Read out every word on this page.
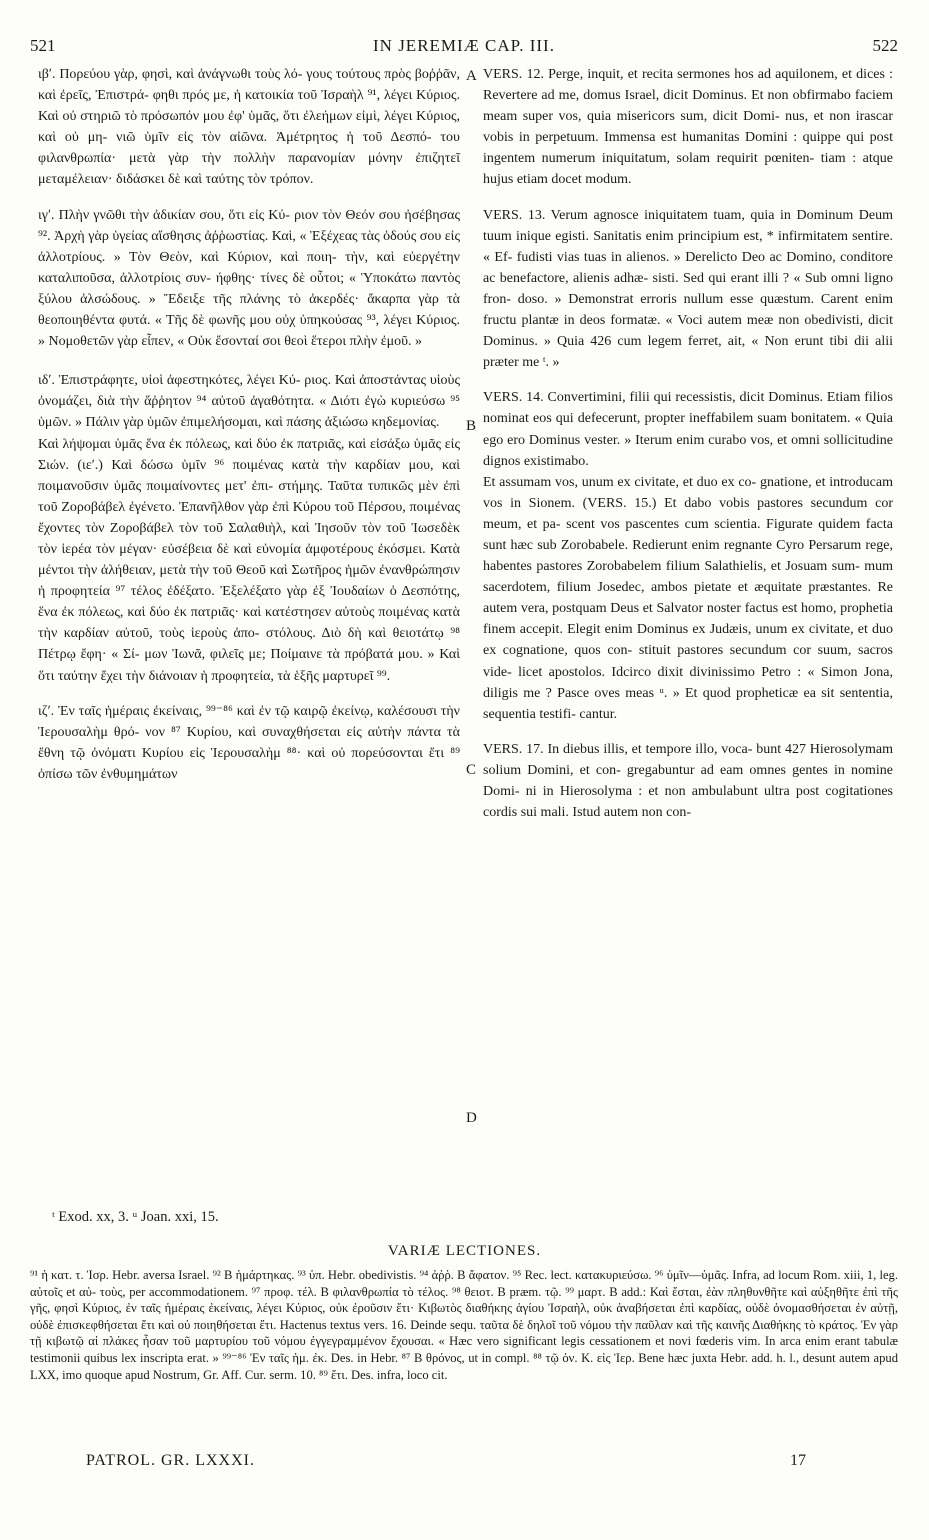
521	IN JEREMIÆ CAP. III.	522

ιβʹ. Πορεύου γὰρ, φησὶ, καὶ ἀνάγνωθι τοὺς λό- γους τούτους πρὸς βοῤῥᾶν, καὶ ἐρεῖς, Ἐπιστρά- φηθι πρός με, ἡ κατοικία τοῦ Ἰσραὴλ ⁹¹, λέγει Κύριος. Καὶ οὐ στηριῶ τὸ πρόσωπόν μου ἐφ' ὑμᾶς, ὅτι ἐλεήμων εἰμὶ, λέγει Κύριος, καὶ οὐ μη- νιῶ ὑμῖν εἰς τὸν αἰῶνα. Ἀμέτρητος ἡ τοῦ Δεσπό- του φιλανθρωπία· μετὰ γὰρ τὴν πολλὴν παρανομίαν μόνην ἐπιζητεῖ μεταμέλειαν· διδάσκει δὲ καὶ ταύτης τὸν τρόπον.

ιγʹ. Πλὴν γνῶθι τὴν ἀδικίαν σου, ὅτι εἰς Κύ- ριον τὸν Θεόν σου ἠσέβησας ⁹². Ἀρχὴ γὰρ ὑγείας αἴσθησις ἀῤῥωστίας. Καὶ, « Ἐξέχεας τὰς ὁδούς σου εἰς ἀλλοτρίους. » Τὸν Θεὸν, καὶ Κύριον, καὶ ποιη- τὴν, καὶ εὐεργέτην καταλιποῦσα, ἀλλοτρίοις συν- ήφθης· τίνες δὲ οὗτοι; « Ὑποκάτω παντὸς ξύλου ἀλσώδους. » Ἔδειξε τῆς πλάνης τὸ ἀκερδές· ἄκαρπα γὰρ τὰ θεοποιηθέντα φυτά. « Τῆς δὲ φωνῆς μου οὐχ ὑπηκούσας ⁹³, λέγει Κύριος. » Νομοθετῶν γὰρ εἶπεν, « Οὐκ ἔσονταί σοι θεοὶ ἕτεροι πλὴν ἐμοῦ. »

ιδʹ. Ἐπιστράφητε, υἱοὶ ἀφεστηκότες, λέγει Κύ- ριος. Καὶ ἀποστάντας υἱοὺς ὀνομάζει, διὰ τὴν ἄῤῥητον ⁹⁴ αὐτοῦ ἀγαθότητα. « Διότι ἐγὼ κυριεύσω ⁹⁵ ὑμῶν. » Πάλιν γὰρ ὑμῶν ἐπιμελήσομαι, καὶ πάσης ἀξιώσω κηδεμονίας.

Καὶ λήψομαι ὑμᾶς ἕνα ἐκ πόλεως, καὶ δύο ἐκ πατριᾶς, καὶ εἰσάξω ὑμᾶς εἰς Σιών. (ιεʹ.) Καὶ δώσω ὑμῖν ⁹⁶ ποιμένας κατὰ τὴν καρδίαν μου, καὶ ποιμανοῦσιν ὑμᾶς ποιμαίνοντες μετ' ἐπι- στήμης. Ταῦτα τυπικῶς μὲν ἐπὶ τοῦ Ζοροβάβελ ἐγένετο. Ἐπανῆλθον γὰρ ἐπὶ Κύρου τοῦ Πέρσου, ποιμένας ἔχοντες τὸν Ζοροβάβελ τὸν τοῦ Σαλαθιὴλ, καὶ Ἰησοῦν τὸν τοῦ Ἰωσεδὲκ τὸν ἱερέα τὸν μέγαν· εὐσέβεια δὲ καὶ εὐνομία ἀμφοτέρους ἐκόσμει. Κατὰ μέντοι τὴν ἀλήθειαν, μετὰ τὴν τοῦ Θεοῦ καὶ Σωτῆρος ἡμῶν ἐνανθρώπησιν ἡ προφητεία ⁹⁷ τέλος ἐδέξατο. Ἐξελέξατο γὰρ ἐξ Ἰουδαίων ὁ Δεσπότης, ἕνα ἐκ πόλεως, καὶ δύο ἐκ πατριᾶς· καὶ κατέστησεν αὐτοὺς ποιμένας κατὰ τὴν καρδίαν αὐτοῦ, τοὺς ἱεροὺς ἀπο- στόλους. Διὸ δὴ καὶ θειοτάτῳ ⁹⁸ Πέτρῳ ἔφη· « Σί- μων Ἰωνᾶ, φιλεῖς με; Ποίμαινε τὰ πρόβατά μου. » Καὶ ὅτι ταύτην ἔχει τὴν διάνοιαν ἡ προφητεία, τὰ ἑξῆς μαρτυρεῖ ⁹⁹.

ιζʹ. Ἐν ταῖς ἡμέραις ἐκείναις, ⁹⁹⁻⁸⁶ καὶ ἐν τῷ καιρῷ ἐκείνῳ, καλέσουσι τὴν Ἱερουσαλὴμ θρό- νον ⁸⁷ Κυρίου, καὶ συναχθήσεται εἰς αὐτὴν πάντα τὰ ἔθνη τῷ ὀνόματι Κυρίου εἰς Ἱερουσαλὴμ ⁸⁸· καὶ οὐ πορεύσονται ἔτι ⁸⁹ ὀπίσω τῶν ἐνθυμημάτων

VERS. 12. Perge, inquit, et recita sermones hos ad aquilonem, et dices : Revertere ad me, domus Israel, dicit Dominus. Et non obfirmabo faciem meam super vos, quia misericors sum, dicit Domi- nus, et non irascar vobis in perpetuum. Immensa est humanitas Domini : quippe qui post ingentem numerum iniquitatum, solam requirit pœniten- tiam : atque hujus etiam docet modum.

VERS. 13. Verum agnosce iniquitatem tuam, quia in Dominum Deum tuum inique egisti. Sanitatis enim principium est, * infirmitatem sentire. « Ef- fudisti vias tuas in alienos. » Derelicto Deo ac Domino, conditore ac benefactore, alienis adhæ- sisti. Sed qui erant illi ? « Sub omni ligno fron- doso. » Demonstrat erroris nullum esse quæstum. Carent enim fructu plantæ in deos formatæ. « Voci autem meæ non obedivisti, dicit Dominus. » Quia 426 cum legem ferret, ait, « Non erunt tibi dii alii præter me ᵗ. »

VERS. 14. Convertimini, filii qui recessistis, dicit Dominus. Etiam filios nominat eos qui defecerunt, propter ineffabilem suam bonitatem. « Quia ego ero Dominus vester. » Iterum enim curabo vos, et omni sollicitudine dignos existimabo.

Et assumam vos, unum ex civitate, et duo ex co- gnatione, et introducam vos in Sionem. (VERS. 15.) Et dabo vobis pastores secundum cor meum, et pa- scent vos pascentes cum scientia. Figurate quidem facta sunt hæc sub Zorobabele. Redierunt enim regnante Cyro Persarum rege, habentes pastores Zorobabelem filium Salathielis, et Josuam sum- mum sacerdotem, filium Josedec, ambos pietate et æquitate præstantes. Re autem vera, postquam Deus et Salvator noster factus est homo, prophetia finem accepit. Elegit enim Dominus ex Judæis, unum ex civitate, et duo ex cognatione, quos con- stituit pastores secundum cor suum, sacros vide- licet apostolos. Idcirco dixit divinissimo Petro : « Simon Jona, diligis me ? Pasce oves meas ᵘ. » Et quod propheticæ ea sit sententia, sequentia testifi- cantur.

VERS. 17. In diebus illis, et tempore illo, voca- bunt 427 Hierosolymam solium Domini, et con- gregabuntur ad eam omnes gentes in nomine Domi- ni in Hierosolyma : et non ambulabunt ultra post cogitationes cordis sui mali. Istud autem non con-

A
B
C
D
ᵗ Exod. xx, 3. ᵘ Joan. xxi, 15.
VARIÆ LECTIONES.
⁹¹ ἡ κατ. τ. Ἰσρ. Hebr. aversa Israel. ⁹² B ἡμάρτηκας. ⁹³ ὑπ. Hebr. obedivistis. ⁹⁴ ἀῤῥ. B ἄφατον. ⁹⁵ Rec. lect. κατακυριεύσω. ⁹⁶ ὑμῖν—ὑμᾶς. Infra, ad locum Rom. xiii, 1, leg. αὐτοῖς et αὐ- τοὺς, per accommodationem. ⁹⁷ προφ. τέλ. B φιλανθρωπία τὸ τέλος. ⁹⁸ θειοτ. B præm. τῷ. ⁹⁹ μαρτ. B add.: Καὶ ἔσται, ἐὰν πληθυνθῆτε καὶ αὐξηθῆτε ἐπὶ τῆς γῆς, φησὶ Κύριος, ἐν ταῖς ἡμέραις ἐκείναις, λέγει Κύριος, οὐκ ἐροῦσιν ἔτι· Κιβωτὸς διαθήκης ἁγίου Ἰσραὴλ, οὐκ ἀναβήσεται ἐπὶ καρδίας, οὐδὲ ὀνομασθήσεται ἐν αὐτῇ, οὐδὲ ἐπισκεφθήσεται ἔτι καὶ οὐ ποιηθήσεται ἔτι. Hactenus textus vers. 16. Deinde sequ. ταῦτα δὲ δηλοῖ τοῦ νόμου τὴν παῦλαν καὶ τῆς καινῆς Διαθήκης τὸ κράτος. Ἐν γὰρ τῇ κιβωτῷ αἱ πλάκες ἦσαν τοῦ μαρτυρίου τοῦ νόμου ἐγγεγραμμένον ἔχουσαι. « Hæc vero significant legis cessationem et novi fœderis vim. In arca enim erant tabulæ testimonii quibus lex inscripta erat. » ⁹⁹⁻⁸⁶ Ἐν ταῖς ἡμ. ἐκ. Des. in Hebr. ⁸⁷ B θρόνος, ut in compl. ⁸⁸ τῷ ὀν. Κ. εἰς Ἱερ. Bene hæc juxta Hebr. add. h. l., desunt autem apud LXX, imo quoque apud Nostrum, Gr. Aff. Cur. serm. 10. ⁸⁹ ἔτι. Des. infra, loco cit.
PATROL. GR. LXXXI.	17
